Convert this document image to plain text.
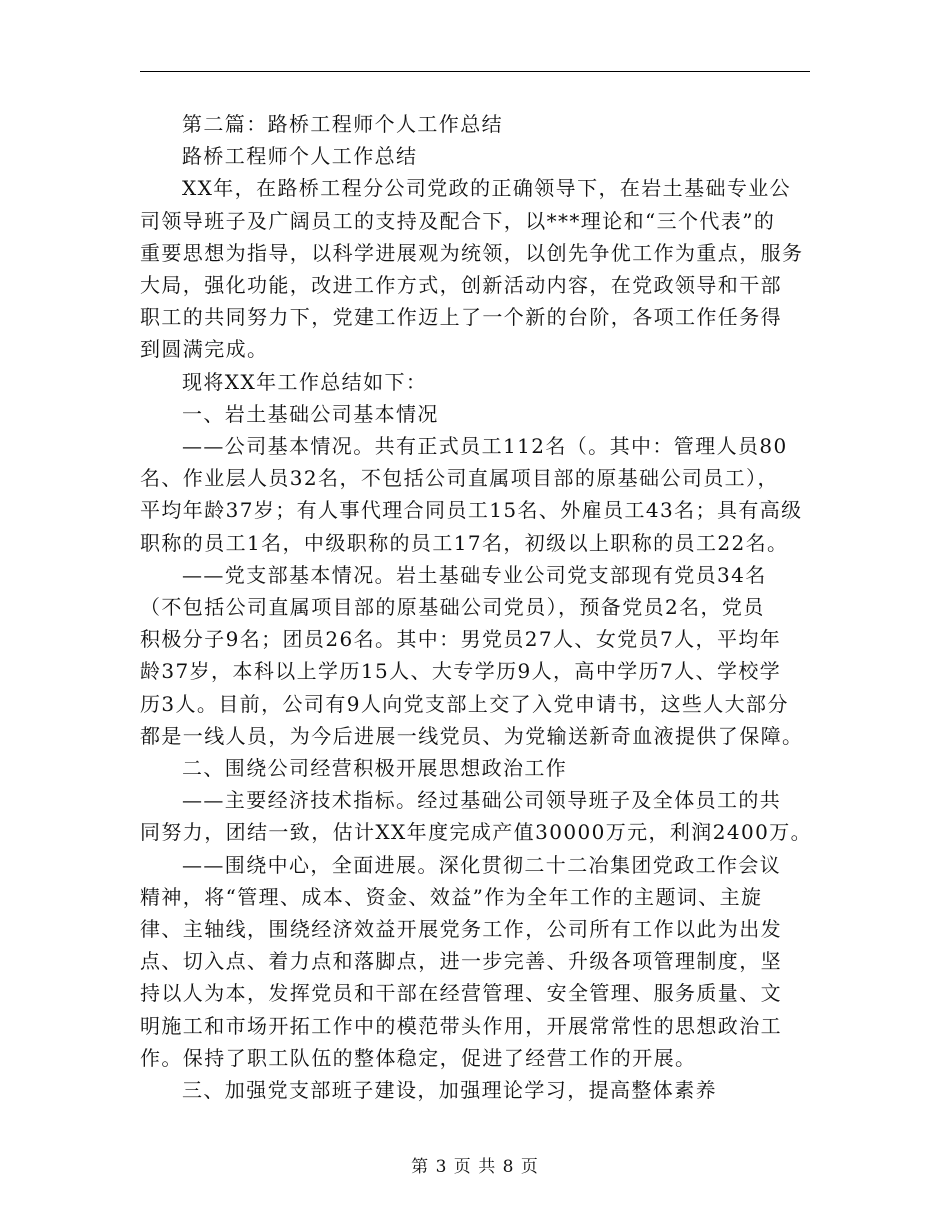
第二篇：路桥工程师个人工作总结

路桥工程师个人工作总结

XX年，在路桥工程分公司党政的正确领导下，在岩土基础专业公

司领导班子及广阔员工的支持及配合下，以***理论和“三个代表”的

重要思想为指导，以科学进展观为统领，以创先争优工作为重点，服务

大局，强化功能，改进工作方式，创新活动内容，在党政领导和干部

职工的共同努力下，党建工作迈上了一个新的台阶，各项工作任务得

到圆满完成。

现将XX年工作总结如下：

一、岩土基础公司基本情况

——公司基本情况。共有正式员工112名（。其中：管理人员80

名、作业层人员32名，不包括公司直属项目部的原基础公司员工），

平均年龄37岁；有人事代理合同员工15名、外雇员工43名；具有高级

职称的员工1名，中级职称的员工17名，初级以上职称的员工22名。

——党支部基本情况。岩土基础专业公司党支部现有党员34名

（不包括公司直属项目部的原基础公司党员），预备党员2名，党员

积极分子9名；团员26名。其中：男党员27人、女党员7人，平均年

龄37岁，本科以上学历15人、大专学历9人，高中学历7人、学校学

历3人。目前，公司有9人向党支部上交了入党申请书，这些人大部分

都是一线人员，为今后进展一线党员、为党输送新奇血液提供了保障。

二、围绕公司经营积极开展思想政治工作

——主要经济技术指标。经过基础公司领导班子及全体员工的共

同努力，团结一致，估计XX年度完成产值30000万元，利润2400万。

——围绕中心，全面进展。深化贯彻二十二冶集团党政工作会议

精神，将“管理、成本、资金、效益”作为全年工作的主题词、主旋

律、主轴线，围绕经济效益开展党务工作，公司所有工作以此为出发

点、切入点、着力点和落脚点，进一步完善、升级各项管理制度，坚

持以人为本，发挥党员和干部在经营管理、安全管理、服务质量、文

明施工和市场开拓工作中的模范带头作用，开展常常性的思想政治工

作。保持了职工队伍的整体稳定，促进了经营工作的开展。

三、加强党支部班子建设，加强理论学习，提高整体素养

第 3 页 共 8 页
